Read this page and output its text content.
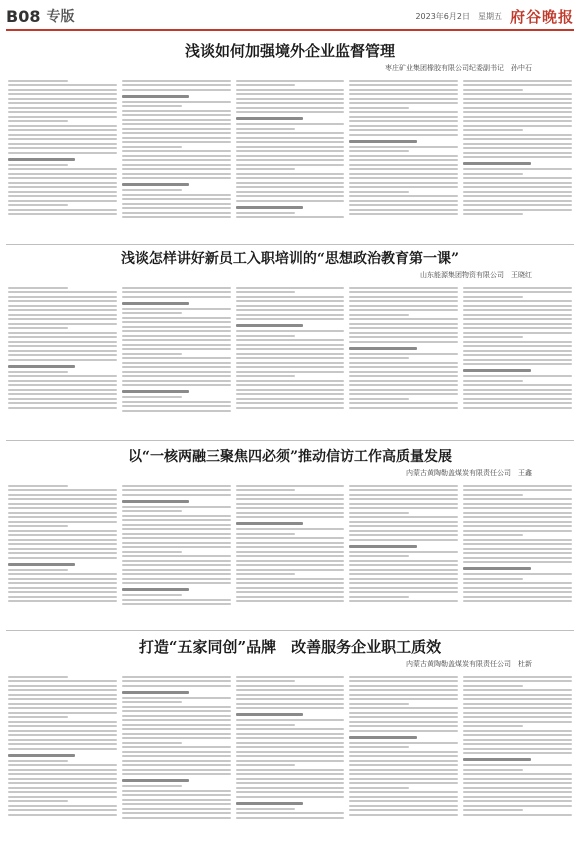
B08 专版	2023年6月2日 星期五 府谷晚报
浅谈如何加强境外企业监督管理
枣庄矿业集团橡胶有限公司纪委副书记　孙中石
浅谈怎样讲好新员工入职培训的“思想政治教育第一课”
山东能源集团物资有限公司　王晓红
以“一核两融三聚焦四必须”推动信访工作高质量发展
内蒙古黄陶勒盖煤炭有限责任公司　王鑫
打造“五家同创”品牌　改善服务企业职工质效
内蒙古黄陶勒盖煤炭有限责任公司　杜新
